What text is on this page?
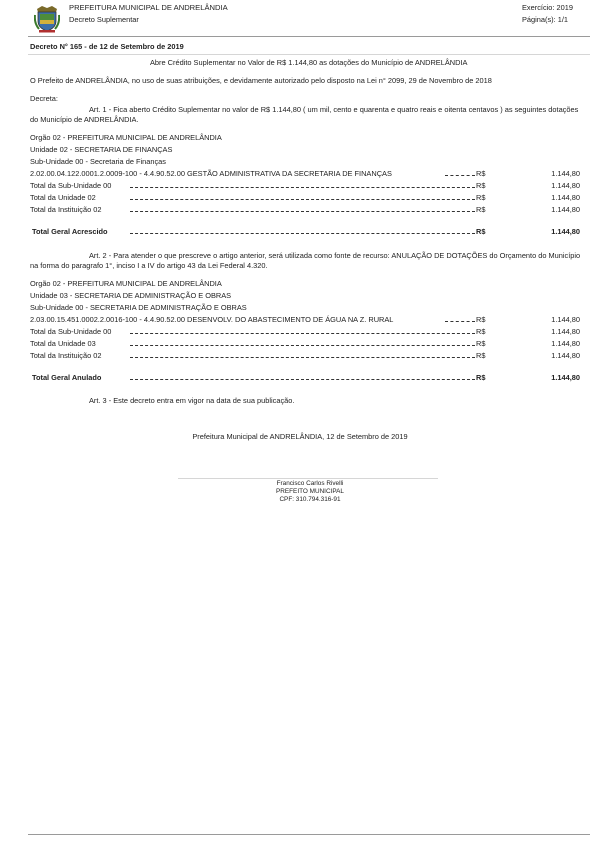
PREFEITURA MUNICIPAL DE ANDRELÂNDIA
Decreto Suplementar
Exercício: 2019
Página(s): 1/1
Decreto N° 165 - de 12 de Setembro de 2019
Abre Crédito Suplementar no Valor de R$ 1.144,80 as dotações do Município de ANDRELÂNDIA
O Prefeito de ANDRELÂNDIA, no uso de suas atribuições, e devidamente autorizado pelo disposto na Lei n° 2099, 29 de Novembro de 2018
Decreta:
Art. 1 - Fica aberto Crédito Suplementar no valor de R$ 1.144,80 ( um mil, cento e quarenta e quatro reais e oitenta centavos ) as seguintes dotações do Município de ANDRELÂNDIA.
Orgão 02 - PREFEITURA MUNICIPAL DE ANDRELÂNDIA
Unidade 02 - SECRETARIA DE FINANÇAS
Sub-Unidade 00 - Secretaria de Finanças
2.02.00.04.122.0001.2.0009-100 - 4.4.90.52.00 GESTÃO ADMINISTRATIVA DA SECRETARIA DE FINANÇAS	R$	1.144,80
Total da Sub-Unidade 00	R$	1.144,80
Total da Unidade 02	R$	1.144,80
Total da Instituição 02	R$	1.144,80
Total Geral Acrescido	R$	1.144,80
Art. 2 - Para atender o que prescreve o artigo anterior, será utilizada como fonte de recurso: ANULAÇÃO DE DOTAÇÕES do Orçamento do Município na forma do paragrafo 1°, inciso I a IV do artigo 43 da Lei Federal 4.320.
Orgão 02 - PREFEITURA MUNICIPAL DE ANDRELÂNDIA
Unidade 03 - SECRETARIA DE ADMINISTRAÇÃO E OBRAS
Sub-Unidade 00 - SECRETARIA DE ADMINISTRAÇÃO E OBRAS
2.03.00.15.451.0002.2.0016-100 - 4.4.90.52.00 DESENVOLV. DO ABASTECIMENTO DE ÁGUA NA Z. RURAL	R$	1.144,80
Total da Sub-Unidade 00	R$	1.144,80
Total da Unidade 03	R$	1.144,80
Total da Instituição 02	R$	1.144,80
Total Geral Anulado	R$	1.144,80
Art. 3 - Este decreto entra em vigor na data de sua publicação.
Prefeitura Municipal de ANDRELÂNDIA, 12 de Setembro de 2019
Francisco Carlos Rivelli
PREFEITO MUNICIPAL
CPF: 310.794.316-91
